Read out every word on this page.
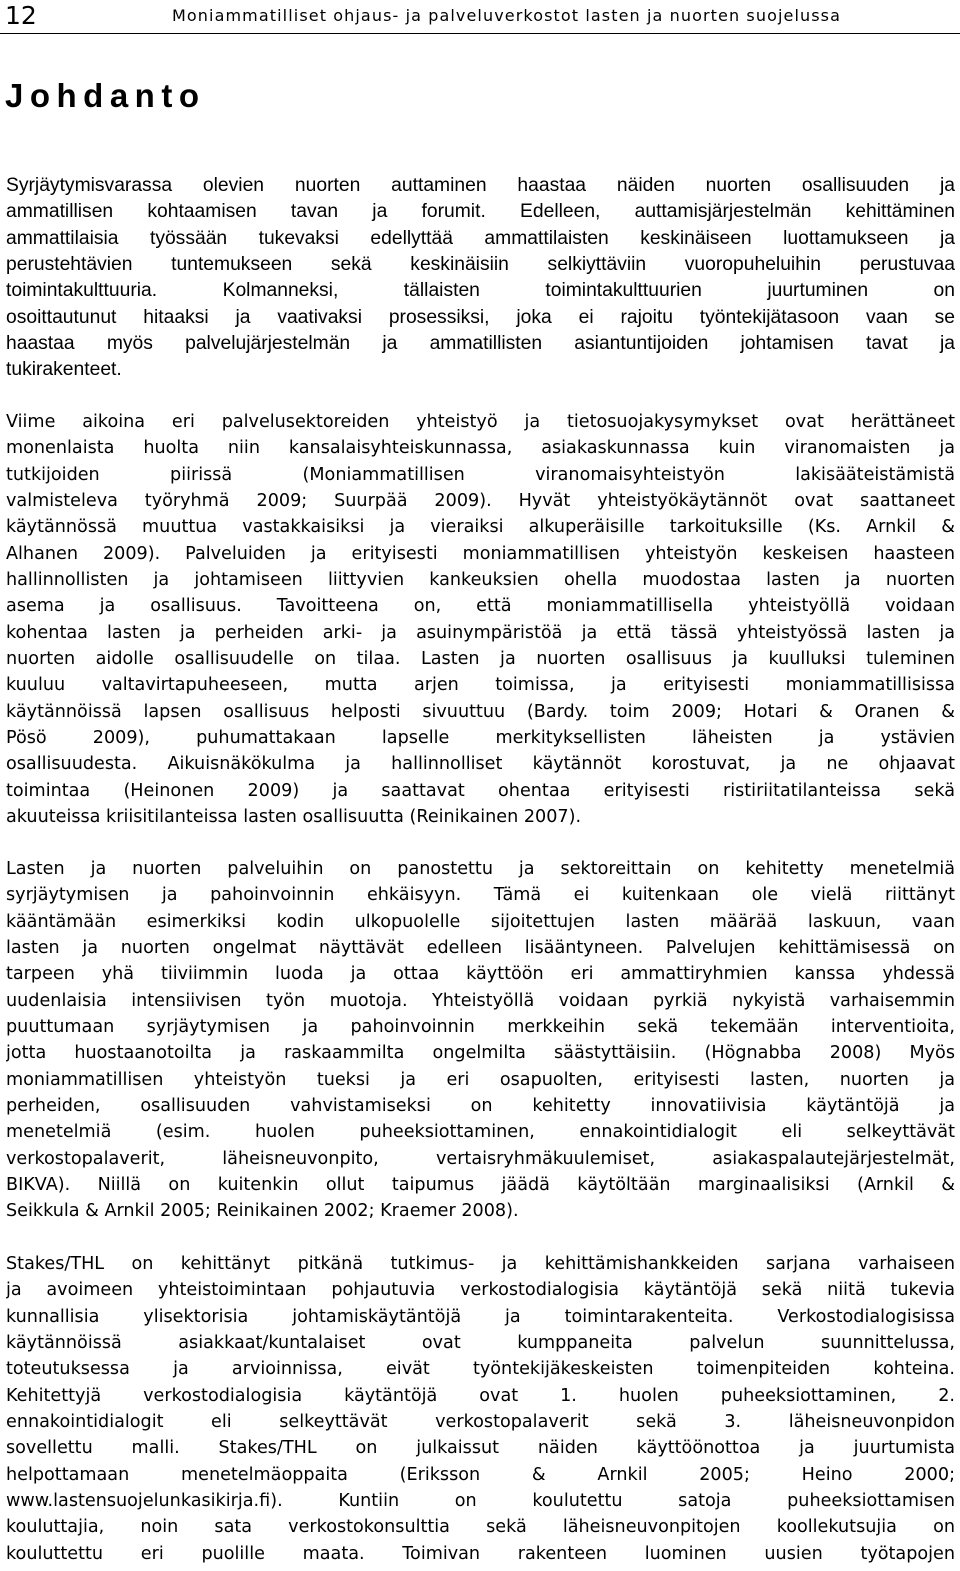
12	Moniammatilliset ohjaus- ja palveluverkostot lasten ja nuorten suojelussa
Johdanto
Syrjäytymisvarassa olevien nuorten auttaminen haastaa näiden nuorten osallisuuden ja
ammatillisen kohtaamisen tavan ja forumit. Edelleen, auttamisjärjestelmän kehittäminen
ammattilaisia työssään tukevaksi edellyttää ammattilaisten keskinäiseen luottamukseen ja
perustehtävien tuntemukseen sekä keskinäisiin selkiyttäviin vuoropuheluihin perustuvaa
toimintakulttuuria. Kolmanneksi, tällaisten toimintakulttuurien juurtuminen on
osoittautunut hitaaksi ja vaativaksi prosessiksi, joka ei rajoitu työntekijätasoon vaan se
haastaa myös palvelujärjestelmän ja ammatillisten asiantuntijoiden johtamisen tavat ja
tukirakenteet.
Viime aikoina eri palvelusektoreiden yhteistyö ja tietosuojakysymykset ovat herättäneet
monenlaista huolta niin kansalaisyhteiskunnassa, asiakaskunnassa kuin viranomaisten ja
tutkijoiden piirissä (Moniammatillisen viranomaisyhteistyön lakisääteistämistä
valmisteleva työryhmä 2009; Suurpää 2009). Hyvät yhteistyökäytännöt ovat saattaneet
käytännössä muuttua vastakkaisiksi ja vieraiksi alkuperäisille tarkoituksille (Ks. Arnkil &
Alhanen 2009). Palveluiden ja erityisesti moniammatillisen yhteistyön keskeisen haasteen
hallinnollisten ja johtamiseen liittyvien kankeuksien ohella muodostaa lasten ja nuorten
asema ja osallisuus. Tavoitteena on, että moniammatillisella yhteistyöllä voidaan
kohentaa lasten ja perheiden arki- ja asuinympäristöä ja että tässä yhteistyössä lasten ja
nuorten aidolle osallisuudelle on tilaa. Lasten ja nuorten osallisuus ja kuulluksi tuleminen
kuuluu valtavirtapuheeseen, mutta arjen toimissa, ja erityisesti moniammatillisissa
käytännöissä lapsen osallisuus helposti sivuuttuu (Bardy. toim 2009; Hotari & Oranen &
Pösö 2009), puhumattakaan lapselle merkityksellisten läheisten ja ystävien
osallisuudesta. Aikuisnäkökulma ja hallinnolliset käytännöt korostuvat, ja ne ohjaavat
toimintaa (Heinonen 2009) ja saattavat ohentaa erityisesti ristiriitatilanteissa sekä
akuuteissa kriisitilanteissa lasten osallisuutta (Reinikainen 2007).
Lasten ja nuorten palveluihin on panostettu ja sektoreittain on kehitetty menetelmiä
syrjäytymisen ja pahoinvoinnin ehkäisyyn. Tämä ei kuitenkaan ole vielä riittänyt
kääntämään esimerkiksi kodin ulkopuolelle sijoitettujen lasten määrää laskuun, vaan
lasten ja nuorten ongelmat näyttävät edelleen lisääntyneen. Palvelujen kehittämisessä on
tarpeen yhä tiiviimmin luoda ja ottaa käyttöön eri ammattiryhmien kanssa yhdessä
uudenlaisia intensiivisen työn muotoja. Yhteistyöllä voidaan pyrkiä nykyistä varhaisemmin
puuttumaan syrjäytymisen ja pahoinvoinnin merkkeihin sekä tekemään interventioita,
jotta huostaanotoilta ja raskaammilta ongelmilta säästyttäisiin. (Högnabba 2008) Myös
moniammatillisen yhteistyön tueksi ja eri osapuolten, erityisesti lasten, nuorten ja
perheiden, osallisuuden vahvistamiseksi on kehitetty innovatiivisia käytäntöjä ja
menetelmiä (esim. huolen puheeksiottaminen, ennakointidialogit eli selkeyttävät
verkostopalaverit, läheisneuvonpito, vertaisryhmäkuulemiset, asiakaspalautejärjestelmät,
BIKVA). Niillä on kuitenkin ollut taipumus jäädä käytöltään marginaalisiksi (Arnkil &
Seikkula & Arnkil 2005; Reinikainen 2002; Kraemer 2008).
Stakes/THL on kehittänyt pitkänä tutkimus- ja kehittämishankkeiden sarjana varhaiseen
ja avoimeen yhteistoimintaan pohjautuvia verkostodialogisia käytäntöjä sekä niitä tukevia
kunnallisia ylisektorisia johtamiskäytäntöjä ja toimintarakenteita. Verkostodialogisissa
käytännöissä asiakkaat/kuntalaiset ovat kumppaneita palvelun suunnittelussa,
toteutuksessa ja arvioinnissa, eivät työntekijäkeskeisten toimenpiteiden kohteina.
Kehitettyjä verkostodialogisia käytäntöjä ovat 1. huolen puheeksiottaminen, 2.
ennakointidialogit eli selkeyttävät verkostopalaverit sekä 3. läheisneuvonpidon
sovellettu malli. Stakes/THL on julkaissut näiden käyttöönottoa ja juurtumista
helpottamaan menetelmäoppaita (Eriksson & Arnkil 2005; Heino 2000;
www.lastensuojelunkasikirja.fi). Kuntiin on koulutettu satoja puheeksiottamisen
kouluttajia, noin sata verkostokonsulttia sekä läheisneuvonpitojen koollekutsujia on
kouluttettu eri puolille maata. Toimivan rakenteen luominen uusien työtapojen
